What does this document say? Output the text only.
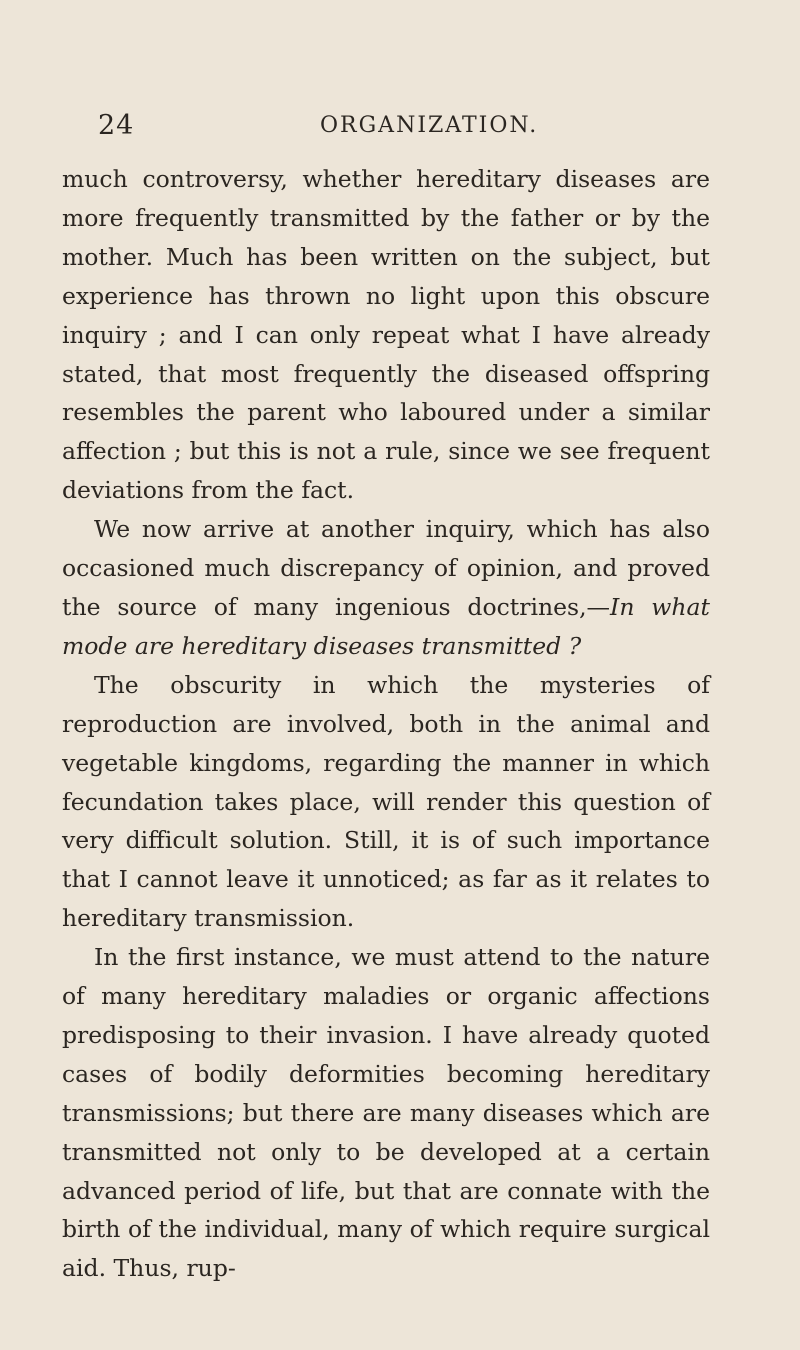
24	ORGANIZATION.

much controversy, whether hereditary diseases are more frequently transmitted by the father or by the mother. Much has been written on the subject, but experience has thrown no light upon this obscure inquiry ; and I can only repeat what I have already stated, that most frequently the diseased offspring resembles the parent who laboured under a similar affection ; but this is not a rule, since we see frequent deviations from the fact.

We now arrive at another inquiry, which has also occasioned much discrepancy of opinion, and proved the source of many ingenious doctrines,—In what mode are hereditary diseases transmitted ?

The obscurity in which the mysteries of reproduction are involved, both in the animal and vegetable kingdoms, regarding the manner in which fecundation takes place, will render this question of very difficult solution. Still, it is of such importance that I cannot leave it unnoticed; as far as it relates to hereditary transmission.

In the first instance, we must attend to the nature of many hereditary maladies or organic affections predisposing to their invasion. I have already quoted cases of bodily deformities becoming hereditary transmissions; but there are many diseases which are transmitted not only to be developed at a certain advanced period of life, but that are connate with the birth of the individual, many of which require surgical aid. Thus, rup-
